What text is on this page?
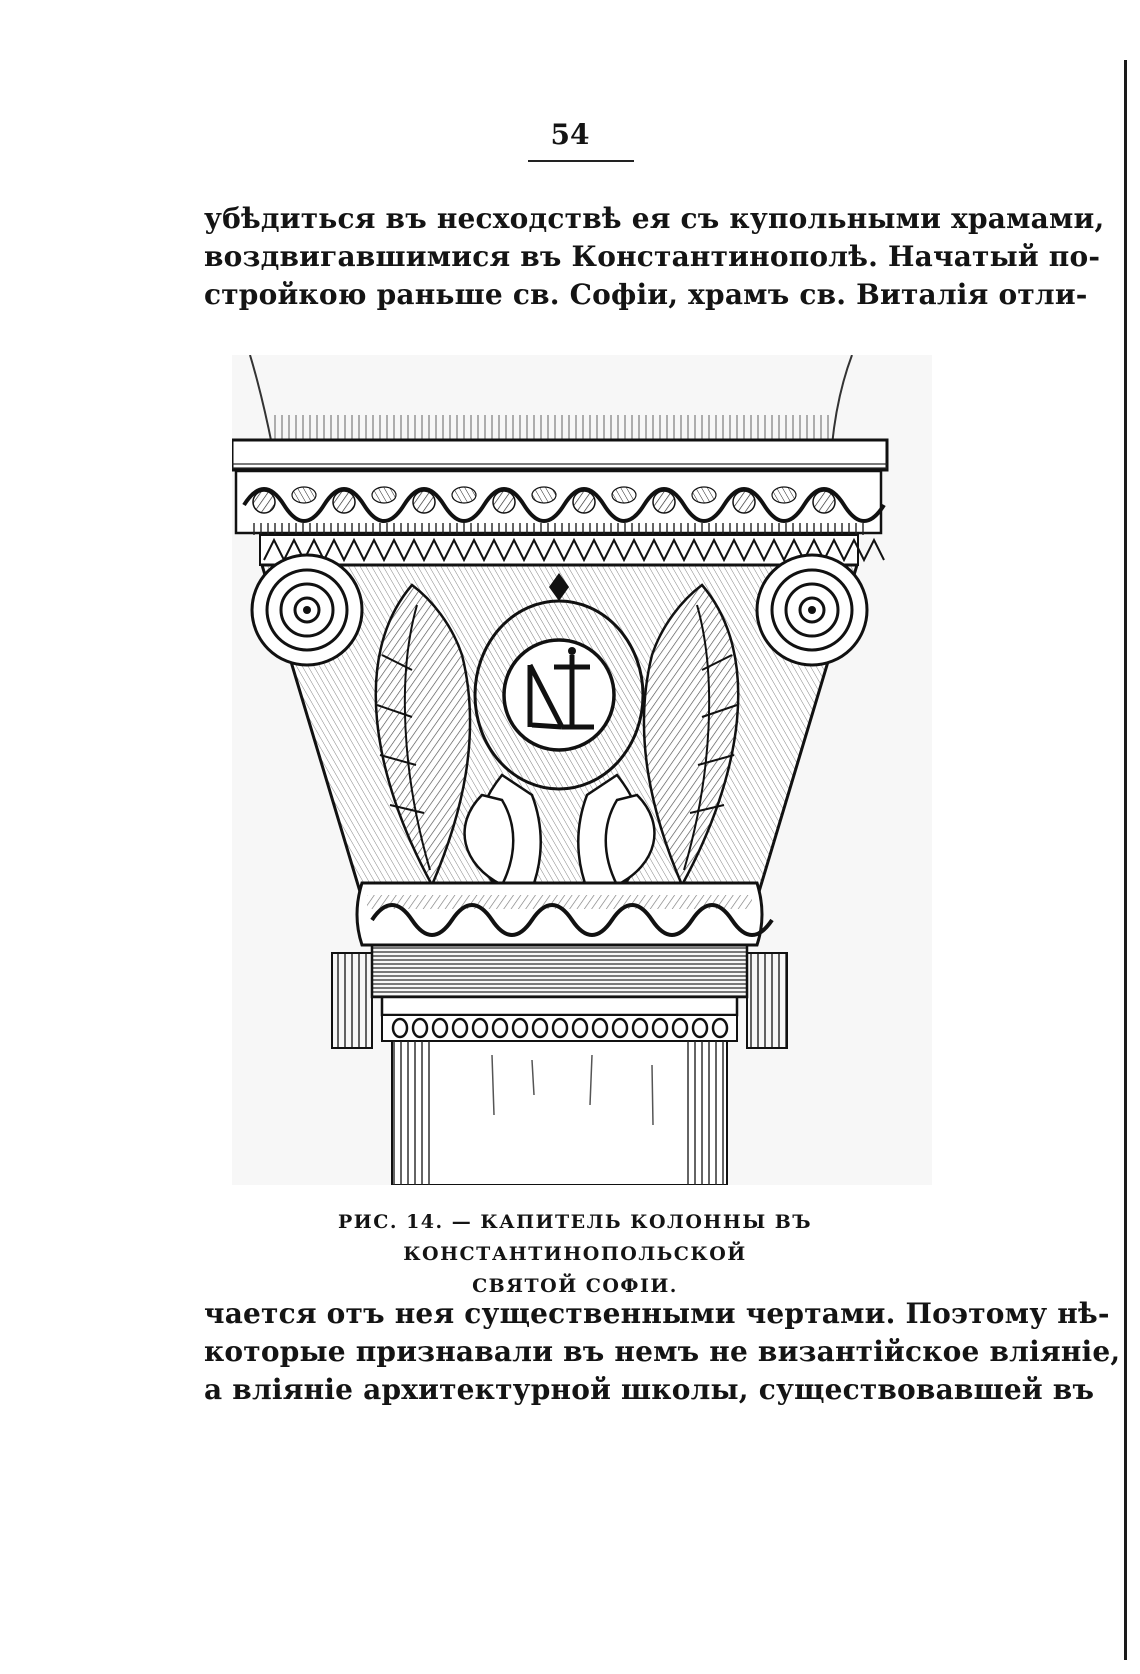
54
убѣдиться въ несходствѣ ея съ купольными храмами,
воздвигавшимися въ Константинополѣ. Начатый по-
стройкою раньше св. Софіи, храмъ св. Виталія отли-
РИС. 14. — КАПИТЕЛЬ КОЛОННЫ ВЪ КОНСТАНТИНОПОЛЬСКОЙ
СВЯТОЙ СОФІИ.
чается отъ нея существенными чертами. Поэтому нѣ-
которые признавали въ немъ не византійское вліяніе,
а вліяніе архитектурной школы, существовавшей въ
